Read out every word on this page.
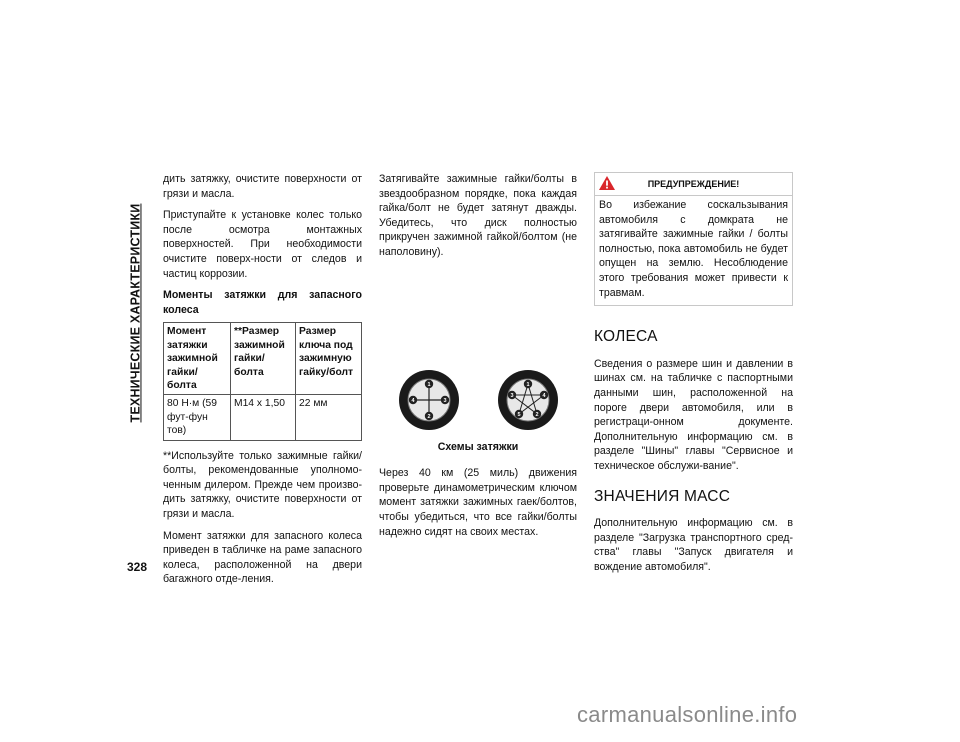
ТЕХНИЧЕСКИЕ ХАРАКТЕРИСТИКИ
328

дить затяжку, очистите поверхности от грязи и масла.

Приступайте к установке колес только после осмотра монтажных поверхностей. При необходимости очистите поверх-ности от следов и частиц коррозии.

Моменты затяжки для запасного колеса

Момент затяжки зажимной гайки/болта	**Размер зажимной гайки/болта	Размер ключа под зажимную гайку/болт
80 Н·м (59 фут-фун тов)	M14 x 1,50	22 мм

**Используйте только зажимные гайки/болты, рекомендованные уполномо-ченным дилером. Прежде чем произво-дить затяжку, очистите поверхности от грязи и масла.

Момент затяжки для запасного колеса приведен в табличке на раме запасного колеса, расположенной на двери багажного отде-ления.

Затягивайте зажимные гайки/болты в звездообразном порядке, пока каждая гайка/болт не будет затянут дважды. Убедитесь, что диск полностью прикручен зажимной гайкой/болтом (не наполовину).

1
3
2
4
1
4
2
5
3

Схемы затяжки

Через 40 км (25 миль) движения проверьте динамометрическим ключом момент затяжки зажимных гаек/болтов, чтобы убедиться, что все гайки/болты надежно сидят на своих местах.

ПРЕДУПРЕЖДЕНИЕ!

Во избежание соскальзывания автомобиля с домкрата не затягивайте зажимные гайки / болты полностью, пока автомобиль не будет опущен на землю. Несоблюдение этого требования может привести к травмам.

КОЛЕСА

Сведения о размере шин и давлении в шинах см. на табличке с паспортными данными шин, расположенной на пороге двери автомобиля, или в регистраци-онном документе. Дополнительную информацию см. в разделе "Шины" главы "Сервисное и техническое обслужи-вание".

ЗНАЧЕНИЯ МАСС

Дополнительную информацию см. в разделе "Загрузка транспортного сред-ства" главы "Запуск двигателя и вождение автомобиля".

carmanualsonline.info
